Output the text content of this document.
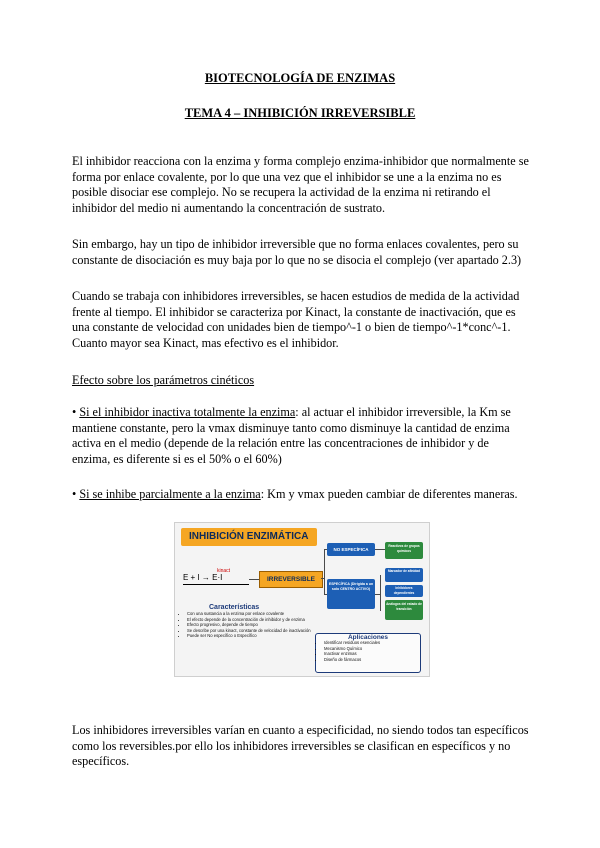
BIOTECNOLOGÍA DE ENZIMAS
TEMA 4 – INHIBICIÓN IRREVERSIBLE
El inhibidor reacciona con la enzima y forma complejo enzima-inhibidor que normalmente se forma por enlace covalente, por lo que una vez que el inhibidor se une a la enzima no es posible disociar ese complejo. No se recupera la actividad de la enzima ni retirando el inhibidor del medio ni aumentando la concentración de sustrato.
Sin embargo, hay un tipo de inhibidor irreversible que no forma enlaces covalentes, pero su constante de disociación es muy baja por lo que no se disocia el complejo (ver apartado 2.3)
Cuando se trabaja con inhibidores irreversibles, se hacen estudios de medida de la actividad frente al tiempo. El inhibidor se caracteriza por Kinact, la constante de inactivación, que es una constante de velocidad con unidades bien de tiempo^-1 o bien de tiempo^-1*conc^-1. Cuanto mayor sea Kinact, mas efectivo es el inhibidor.
Efecto sobre los parámetros cinéticos
• Si el inhibidor inactiva totalmente la enzima: al actuar el inhibidor irreversible, la Km se mantiene constante, pero la vmax disminuye tanto como disminuye la cantidad de enzima activa en el medio (depende de la relación entre las concentraciones de inhibidor y de enzima, es diferente si es el 50% o el 60%)
• Si se inhibe parcialmente a la enzima: Km y vmax pueden cambiar de diferentes maneras.
INHIBICIÓN ENZIMÁTICA
E + I → E·I
kinact
IRREVERSIBLE
NO ESPECÍFICA
ESPECÍFICA (Dirigida a un solo CENTRO ACTIVO)
Reactivos de grupos químicos
Marcador de afinidad
Inhibidores dependientes
Análogos del estado de transición
Características
• Con una sustancia a la enzima por enlace covalente
• El efecto depende de la concentración de inhibidor y de enzima
• Efecto progresivo, depende de tiempo
• Se describe por una kinact, constante de velocidad de inactivación
• Puede ser No específico o Específico	Aplicaciones
• Identificar residuos esenciales
• Mecanismo Químico
• Inactivar enzimas
• Diseño de fármacos
Los inhibidores irreversibles varían en cuanto a especificidad, no siendo todos tan específicos como los reversibles.por ello los inhibidores irreversibles se clasifican en específicos y no específicos.
